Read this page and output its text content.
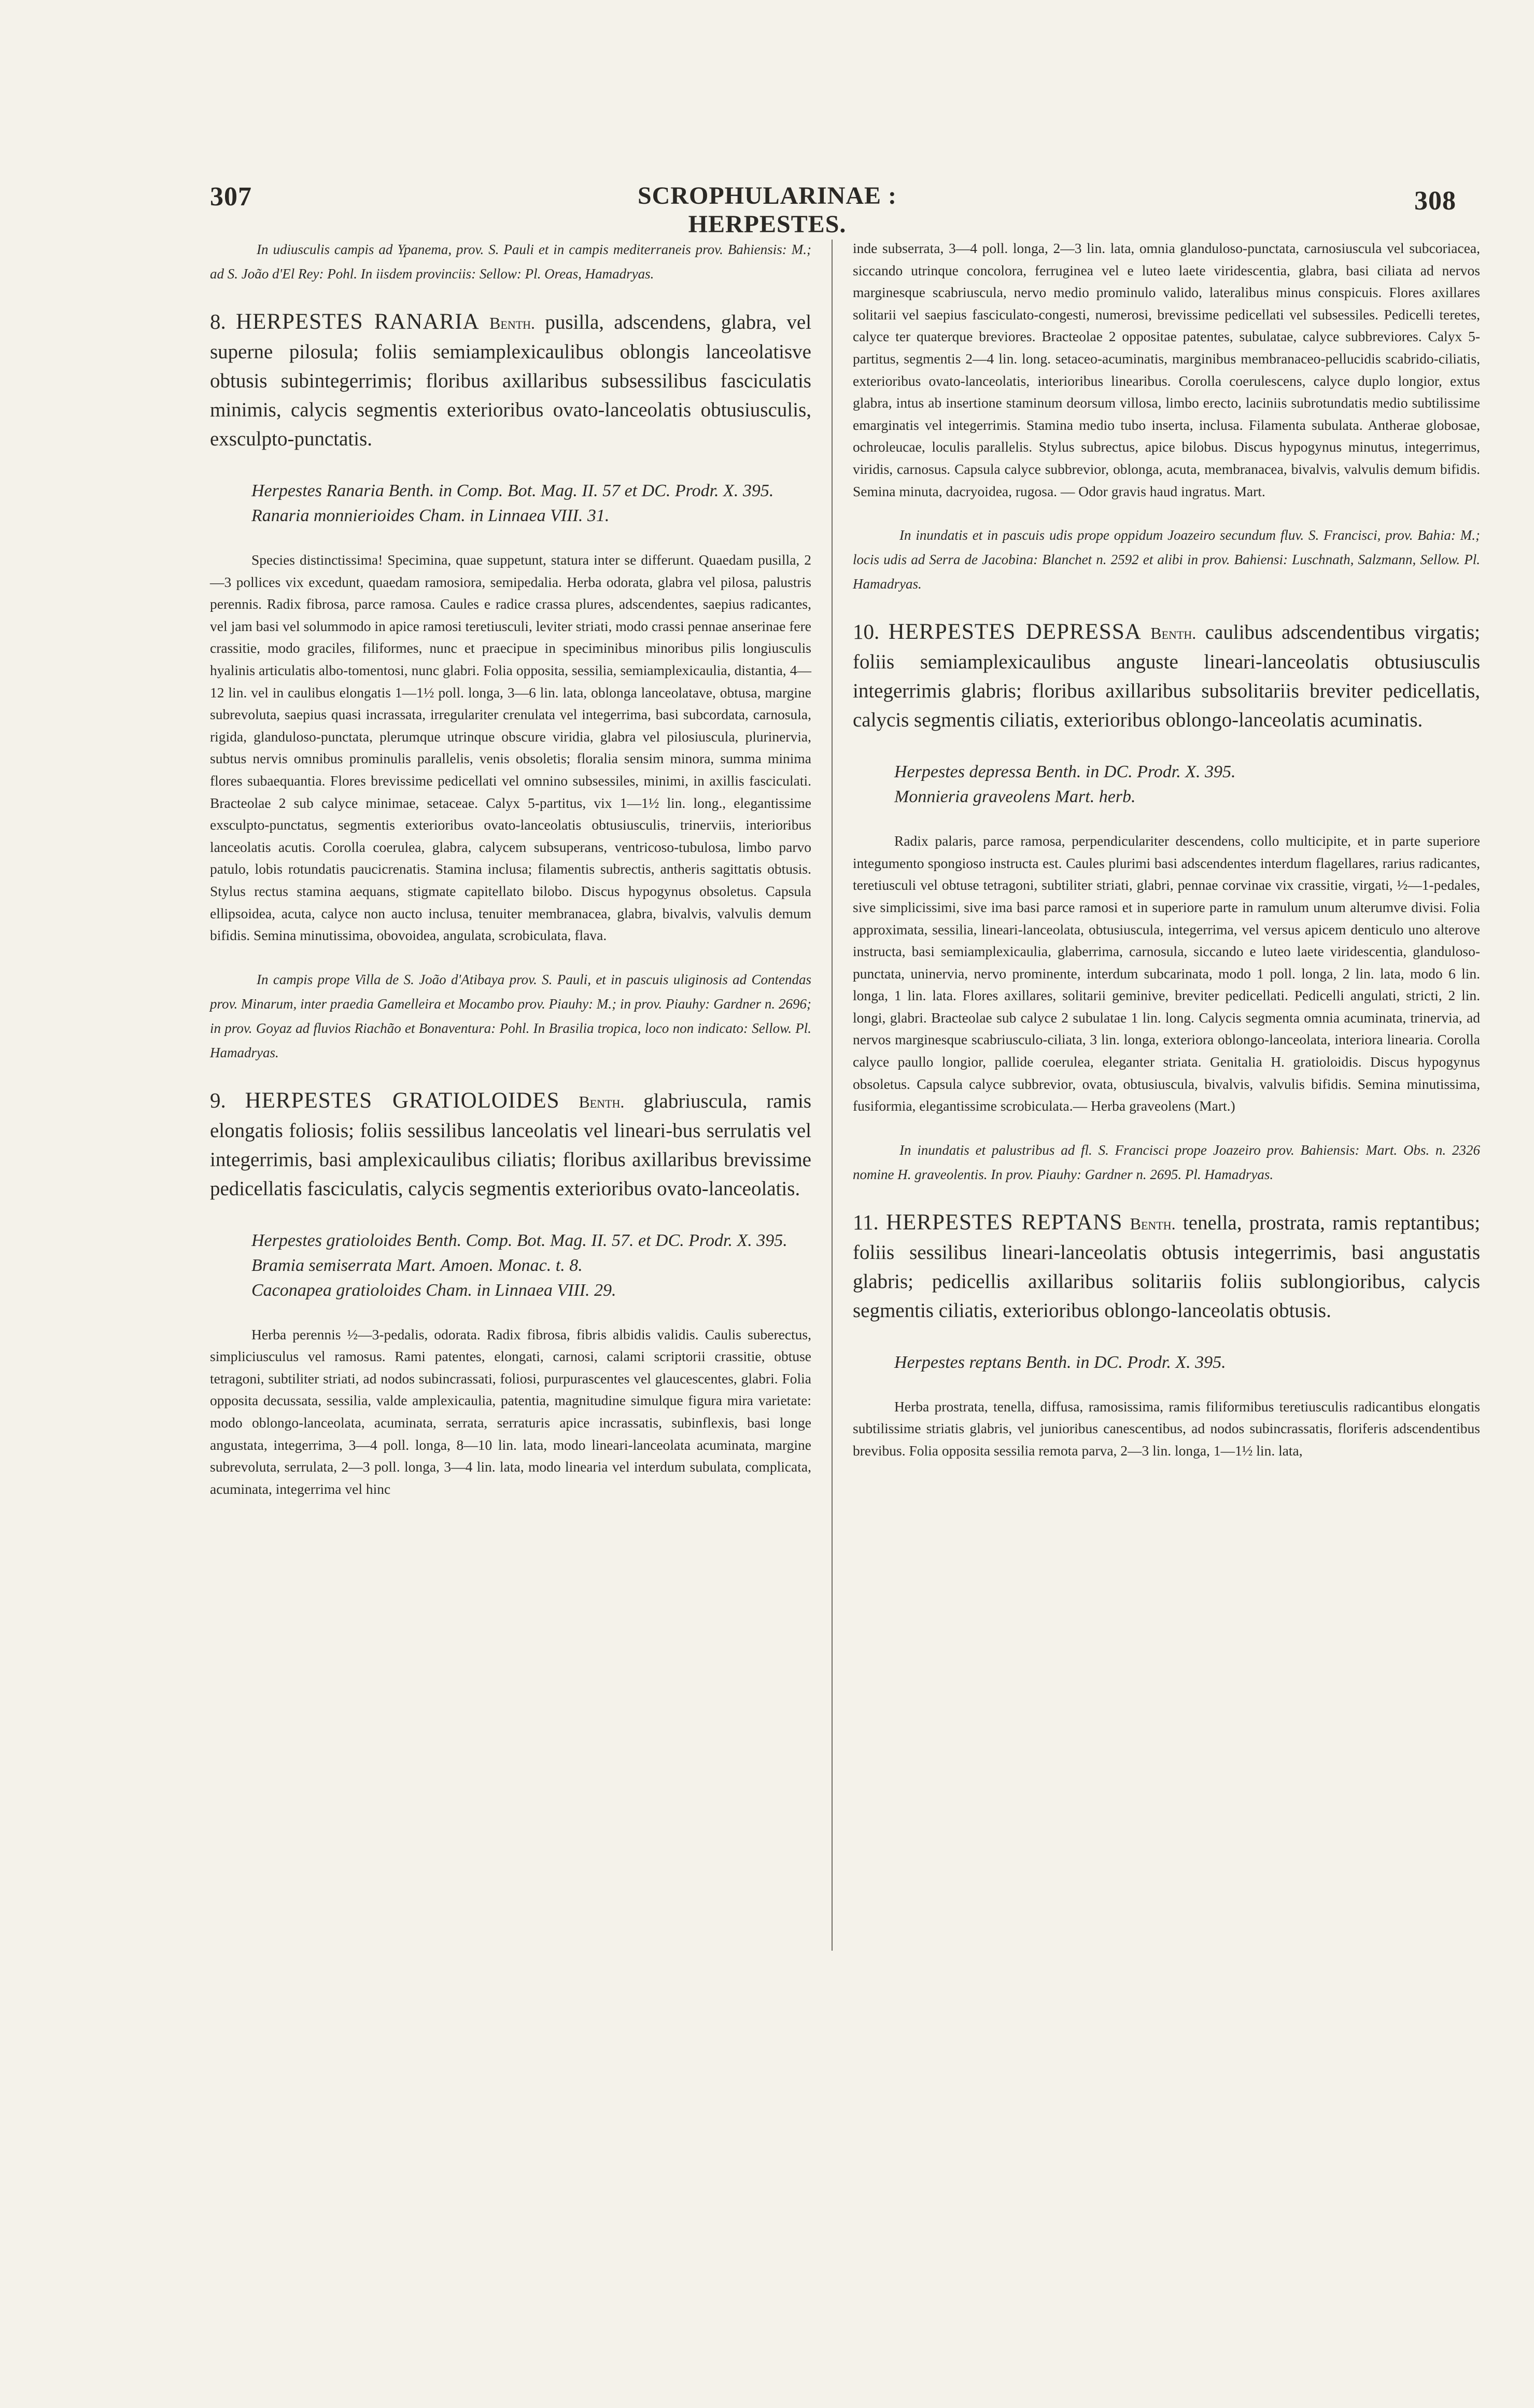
307	SCROPHULARINAE : HERPESTES.
308

In udiusculis campis ad Ypanema, prov. S. Pauli et in campis mediterraneis prov. Bahiensis: M.; ad S. João d'El Rey: Pohl. In iisdem provinciis: Sellow: Pl. Oreas, Hamadryas.

8. HERPESTES RANARIA Benth. pusilla, adscendens, glabra, vel superne pilosula; foliis semiamplexicaulibus oblongis lanceolatisve obtusis subintegerrimis; floribus axillaribus subsessilibus fasciculatis minimis, calycis segmentis exterioribus ovato-lanceolatis obtusiusculis, exsculpto-punctatis.

Herpestes Ranaria Benth. in Comp. Bot. Mag. II. 57 et DC. Prodr. X. 395.
Ranaria monnierioides Cham. in Linnaea VIII. 31.

Species distinctissima! Specimina, quae suppetunt, statura inter se differunt. Quaedam pusilla, 2—3 pollices vix excedunt, quaedam ramosiora, semipedalia. Herba odorata, glabra vel pilosa, palustris perennis. Radix fibrosa, parce ramosa. Caules e radice crassa plures, adscendentes, saepius radicantes, vel jam basi vel solummodo in apice ramosi teretiusculi, leviter striati, modo crassi pennae anserinae fere crassitie, modo graciles, filiformes, nunc et praecipue in speciminibus minoribus pilis longiusculis hyalinis articulatis albo-tomentosi, nunc glabri. Folia opposita, sessilia, semiamplexicaulia, distantia, 4—12 lin. vel in caulibus elongatis 1—1½ poll. longa, 3—6 lin. lata, oblonga lanceolatave, obtusa, margine subrevoluta, saepius quasi incrassata, irregulariter crenulata vel integerrima, basi subcordata, carnosula, rigida, glanduloso-punctata, plerumque utrinque obscure viridia, glabra vel pilosiuscula, plurinervia, subtus nervis omnibus prominulis parallelis, venis obsoletis; floralia sensim minora, summa minima flores subaequantia. Flores brevissime pedicellati vel omnino subsessiles, minimi, in axillis fasciculati. Bracteolae 2 sub calyce minimae, setaceae. Calyx 5-partitus, vix 1—1½ lin. long., elegantissime exsculpto-punctatus, segmentis exterioribus ovato-lanceolatis obtusiusculis, trinerviis, interioribus lanceolatis acutis. Corolla coerulea, glabra, calycem subsuperans, ventricoso-tubulosa, limbo parvo patulo, lobis rotundatis paucicrenatis. Stamina inclusa; filamentis subrectis, antheris sagittatis obtusis. Stylus rectus stamina aequans, stigmate capitellato bilobo. Discus hypogynus obsoletus. Capsula ellipsoidea, acuta, calyce non aucto inclusa, tenuiter membranacea, glabra, bivalvis, valvulis demum bifidis. Semina minutissima, obovoidea, angulata, scrobiculata, flava.

In campis prope Villa de S. João d'Atibaya prov. S. Pauli, et in pascuis uliginosis ad Contendas prov. Minarum, inter praedia Gamelleira et Mocambo prov. Piauhy: M.; in prov. Piauhy: Gardner n. 2696; in prov. Goyaz ad fluvios Riachão et Bonaventura: Pohl. In Brasilia tropica, loco non indicato: Sellow. Pl. Hamadryas.

9. HERPESTES GRATIOLOIDES Benth. glabriuscula, ramis elongatis foliosis; foliis sessilibus lanceolatis vel lineari-bus serrulatis vel integerrimis, basi amplexicaulibus ciliatis; floribus axillaribus brevissime pedicellatis fasciculatis, calycis segmentis exterioribus ovato-lanceolatis.

Herpestes gratioloides Benth. Comp. Bot. Mag. II. 57. et DC. Prodr. X. 395.
Bramia semiserrata Mart. Amoen. Monac. t. 8.
Caconapea gratioloides Cham. in Linnaea VIII. 29.

Herba perennis ½—3-pedalis, odorata. Radix fibrosa, fibris albidis validis. Caulis suberectus, simpliciusculus vel ramosus. Rami patentes, elongati, carnosi, calami scriptorii crassitie, obtuse tetragoni, subtiliter striati, ad nodos subincrassati, foliosi, purpurascentes vel glaucescentes, glabri. Folia opposita decussata, sessilia, valde amplexicaulia, patentia, magnitudine simulque figura mira varietate: modo oblongo-lanceolata, acuminata, serrata, serraturis apice incrassatis, subinflexis, basi longe angustata, integerrima, 3—4 poll. longa, 8—10 lin. lata, modo lineari-lanceolata acuminata, margine subrevoluta, serrulata, 2—3 poll. longa, 3—4 lin. lata, modo linearia vel interdum subulata, complicata, acuminata, integerrima vel hinc

inde subserrata, 3—4 poll. longa, 2—3 lin. lata, omnia glanduloso-punctata, carnosiuscula vel subcoriacea, siccando utrinque concolora, ferruginea vel e luteo laete viridescentia, glabra, basi ciliata ad nervos marginesque scabriuscula, nervo medio prominulo valido, lateralibus minus conspicuis. Flores axillares solitarii vel saepius fasciculato-congesti, numerosi, brevissime pedicellati vel subsessiles. Pedicelli teretes, calyce ter quaterque breviores. Bracteolae 2 oppositae patentes, subulatae, calyce subbreviores. Calyx 5-partitus, segmentis 2—4 lin. long. setaceo-acuminatis, marginibus membranaceo-pellucidis scabrido-ciliatis, exterioribus ovato-lanceolatis, interioribus linearibus. Corolla coerulescens, calyce duplo longior, extus glabra, intus ab insertione staminum deorsum villosa, limbo erecto, laciniis subrotundatis medio subtilissime emarginatis vel integerrimis. Stamina medio tubo inserta, inclusa. Filamenta subulata. Antherae globosae, ochroleucae, loculis parallelis. Stylus subrectus, apice bilobus. Discus hypogynus minutus, integerrimus, viridis, carnosus. Capsula calyce subbrevior, oblonga, acuta, membranacea, bivalvis, valvulis demum bifidis. Semina minuta, dacryoidea, rugosa. — Odor gravis haud ingratus. Mart.

In inundatis et in pascuis udis prope oppidum Joazeiro secundum fluv. S. Francisci, prov. Bahia: M.; locis udis ad Serra de Jacobina: Blanchet n. 2592 et alibi in prov. Bahiensi: Luschnath, Salzmann, Sellow. Pl. Hamadryas.

10. HERPESTES DEPRESSA Benth. caulibus adscendentibus virgatis; foliis semiamplexicaulibus anguste lineari-lanceolatis obtusiusculis integerrimis glabris; floribus axillaribus subsolitariis breviter pedicellatis, calycis segmentis ciliatis, exterioribus oblongo-lanceolatis acuminatis.

Herpestes depressa Benth. in DC. Prodr. X. 395.
Monnieria graveolens Mart. herb.

Radix palaris, parce ramosa, perpendiculariter descendens, collo multicipite, et in parte superiore integumento spongioso instructa est. Caules plurimi basi adscendentes interdum flagellares, rarius radicantes, teretiusculi vel obtuse tetragoni, subtiliter striati, glabri, pennae corvinae vix crassitie, virgati, ½—1-pedales, sive simplicissimi, sive ima basi parce ramosi et in superiore parte in ramulum unum alterumve divisi. Folia approximata, sessilia, lineari-lanceolata, obtusiuscula, integerrima, vel versus apicem denticulo uno alterove instructa, basi semiamplexicaulia, glaberrima, carnosula, siccando e luteo laete viridescentia, glanduloso-punctata, uninervia, nervo prominente, interdum subcarinata, modo 1 poll. longa, 2 lin. lata, modo 6 lin. longa, 1 lin. lata. Flores axillares, solitarii geminive, breviter pedicellati. Pedicelli angulati, stricti, 2 lin. longi, glabri. Bracteolae sub calyce 2 subulatae 1 lin. long. Calycis segmenta omnia acuminata, trinervia, ad nervos marginesque scabriusculo-ciliata, 3 lin. longa, exteriora oblongo-lanceolata, interiora linearia. Corolla calyce paullo longior, pallide coerulea, eleganter striata. Genitalia H. gratioloidis. Discus hypogynus obsoletus. Capsula calyce subbrevior, ovata, obtusiuscula, bivalvis, valvulis bifidis. Semina minutissima, fusiformia, elegantissime scrobiculata.— Herba graveolens (Mart.)

In inundatis et palustribus ad fl. S. Francisci prope Joazeiro prov. Bahiensis: Mart. Obs. n. 2326 nomine H. graveolentis. In prov. Piauhy: Gardner n. 2695. Pl. Hamadryas.

11. HERPESTES REPTANS Benth. tenella, prostrata, ramis reptantibus; foliis sessilibus lineari-lanceolatis obtusis integerrimis, basi angustatis glabris; pedicellis axillaribus solitariis foliis sublongioribus, calycis segmentis ciliatis, exterioribus oblongo-lanceolatis obtusis.

Herpestes reptans Benth. in DC. Prodr. X. 395.

Herba prostrata, tenella, diffusa, ramosissima, ramis filiformibus teretiusculis radicantibus elongatis subtilissime striatis glabris, vel junioribus canescentibus, ad nodos subincrassatis, floriferis adscendentibus brevibus. Folia opposita sessilia remota parva, 2—3 lin. longa, 1—1½ lin. lata,
